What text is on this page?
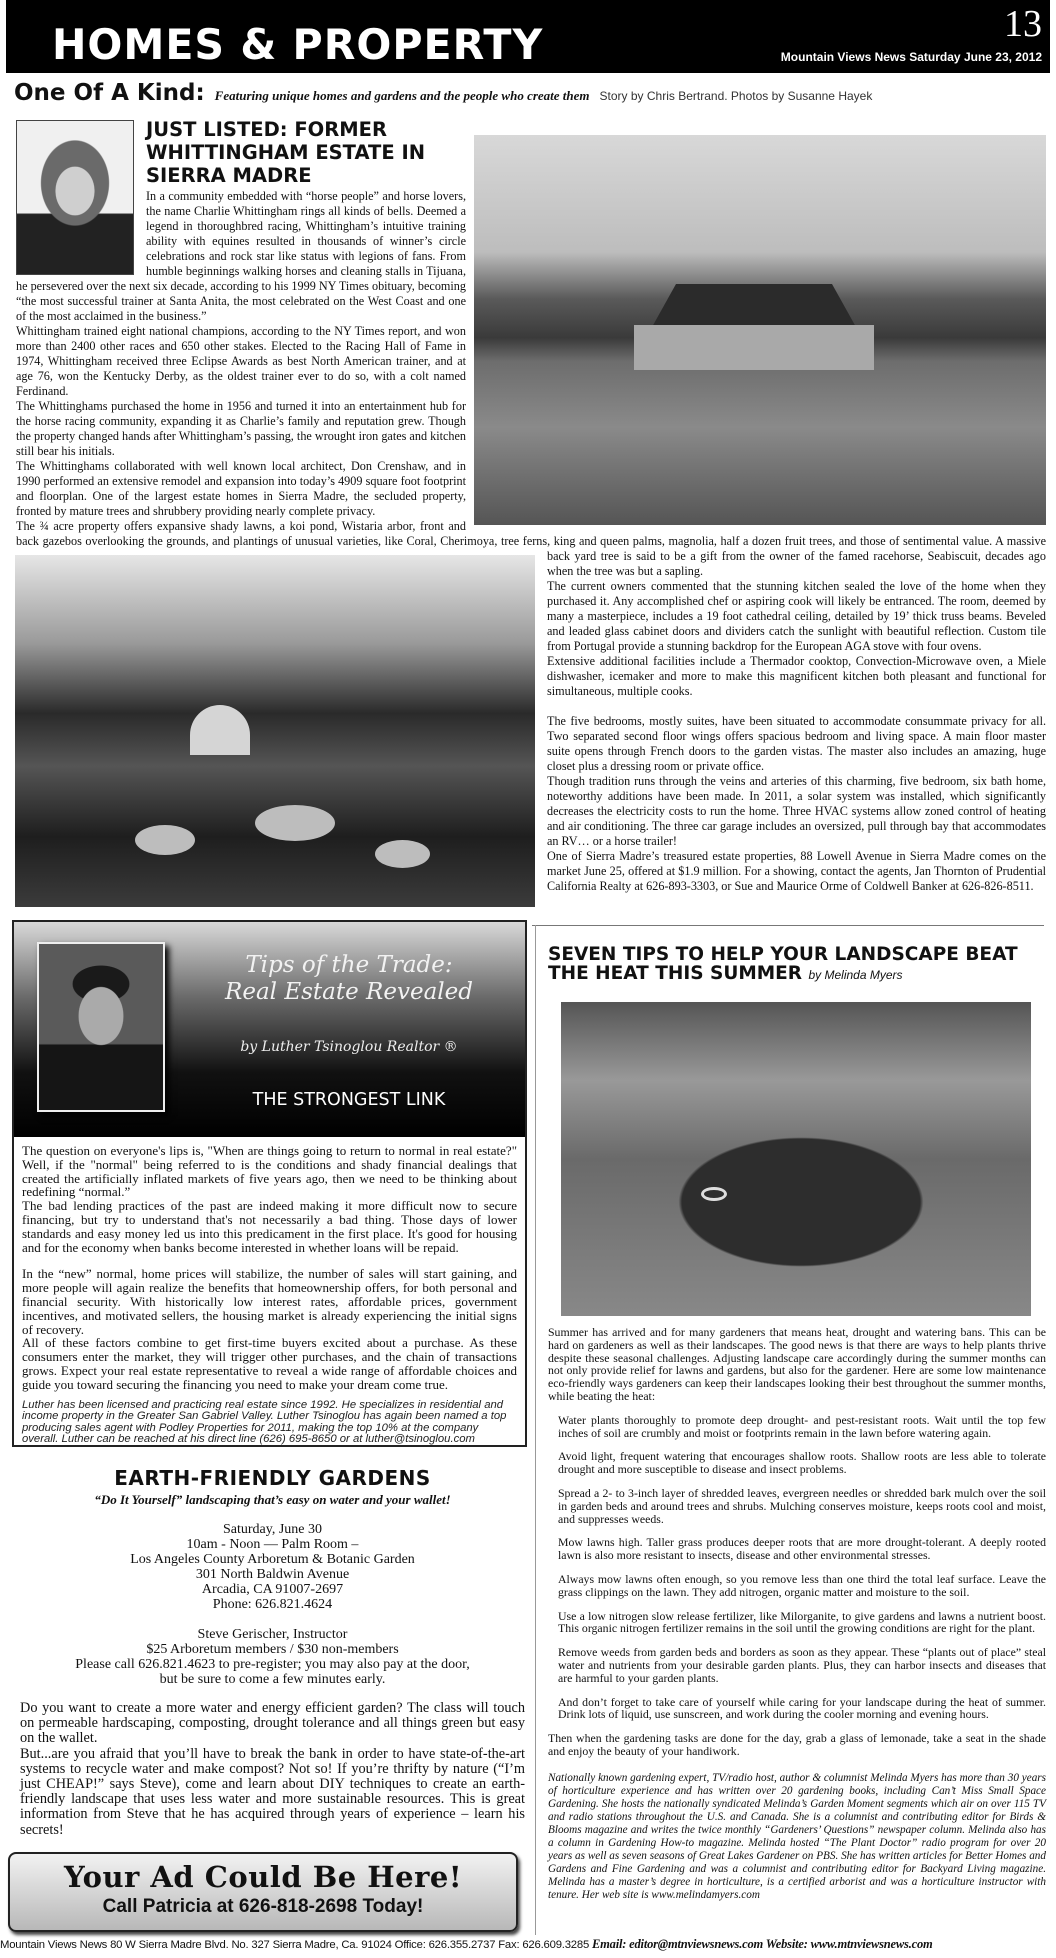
HOMES & PROPERTY	13
Mountain Views News Saturday June 23, 2012
One Of A Kind: Featuring unique homes and gardens and the people who create them Story by Chris Bertrand. Photos by Susanne Hayek
JUST LISTED: FORMER WHITTINGHAM ESTATE IN SIERRA MADRE

In a community embedded with “horse people” and horse lovers, the name Charlie Whittingham rings all kinds of bells. Deemed a legend in thoroughbred racing, Whittingham’s intuitive training ability with equines resulted in thousands of winner’s circle celebrations and rock star like status with legions of fans. From humble beginnings walking horses and cleaning stalls in Tijuana, he persevered over the next six decade, according to his 1999 NY Times obituary, becoming “the most successful trainer at Santa Anita, the most celebrated on the West Coast and one of the most acclaimed in the business.”

Whittingham trained eight national champions, according to the NY Times report, and won more than 2400 other races and 650 other stakes. Elected to the Racing Hall of Fame in 1974, Whittingham received three Eclipse Awards as best North American trainer, and at age 76, won the Kentucky Derby, as the oldest trainer ever to do so, with a colt named Ferdinand.

The Whittinghams purchased the home in 1956 and turned it into an entertainment hub for the horse racing community, expanding it as Charlie’s family and reputation grew. Though the property changed hands after Whittingham’s passing, the wrought iron gates and kitchen still bear his initials.

The Whittinghams collaborated with well known local architect, Don Crenshaw, and in 1990 performed an extensive remodel and expansion into today’s 4909 square foot footprint and floorplan. One of the largest estate homes in Sierra Madre, the secluded property, fronted by mature trees and shrubbery providing nearly complete privacy.

The ¾ acre property offers expansive shady lawns, a koi pond, Wistaria arbor, front and back gazebos overlooking the grounds, and plantings of unusual varieties, like Coral, Cherimoya, tree ferns, king and queen palms, magnolia, half a dozen fruit trees, and those of sentimental value. A massive back yard tree is said to be a gift from the owner of the famed racehorse, Seabiscuit, decades ago when the tree was but a sapling.

The current owners commented that the stunning kitchen sealed the love of the home when they purchased it. Any accomplished chef or aspiring cook will likely be entranced. The room, deemed by many a masterpiece, includes a 19 foot cathedral ceiling, detailed by 19’ thick truss beams. Beveled and leaded glass cabinet doors and dividers catch the sunlight with beautiful reflection. Custom tile from Portugal provide a stunning backdrop for the European AGA stove with four ovens.

Extensive additional facilities include a Thermador cooktop, Convection-Microwave oven, a Miele dishwasher, icemaker and more to make this magnificent kitchen both pleasant and functional for simultaneous, multiple cooks.

The five bedrooms, mostly suites, have been situated to accommodate consummate privacy for all. Two separated second floor wings offers spacious bedroom and living space. A main floor master suite opens through French doors to the garden vistas. The master also includes an amazing, huge closet plus a dressing room or private office.

Though tradition runs through the veins and arteries of this charming, five bedroom, six bath home, noteworthy additions have been made. In 2011, a solar system was installed, which significantly decreases the electricity costs to run the home. Three HVAC systems allow zoned control of heating and air conditioning. The three car garage includes an oversized, pull through bay that accommodates an RV… or a horse trailer!

One of Sierra Madre’s treasured estate properties, 88 Lowell Avenue in Sierra Madre comes on the market June 25, offered at $1.9 million. For a showing, contact the agents, Jan Thornton of Prudential California Realty at 626-893-3303, or Sue and Maurice Orme of Coldwell Banker at 626-826-8511.

Tips of the Trade:
Real Estate Revealed
by Luther Tsinoglou Realtor ®
THE STRONGEST LINK

The question on everyone's lips is, "When are things going to return to normal in real estate?" Well, if the "normal" being referred to is the conditions and shady financial dealings that created the artificially inflated markets of five years ago, then we need to be thinking about redefining “normal.”

The bad lending practices of the past are indeed making it more difficult now to secure financing, but try to understand that's not necessarily a bad thing. Those days of lower standards and easy money led us into this predicament in the first place. It's good for housing and for the economy when banks become interested in whether loans will be repaid.

In the “new” normal, home prices will stabilize, the number of sales will start gaining, and more people will again realize the benefits that homeownership offers, for both personal and financial security. With historically low interest rates, affordable prices, government incentives, and motivated sellers, the housing market is already experiencing the initial signs of recovery.

All of these factors combine to get first-time buyers excited about a purchase. As these consumers enter the market, they will trigger other purchases, and the chain of transactions grows. Expect your real estate representative to reveal a wide range of affordable choices and guide you toward securing the financing you need to make your dream come true.

Luther has been licensed and practicing real estate since 1992. He specializes in residential and income property in the Greater San Gabriel Valley. Luther Tsinoglou has again been named a top producing sales agent with Podley Properties for 2011, making the top 10% at the company overall. Luther can be reached at his direct line (626) 695-8650 or at luther@tsinoglou.com

EARTH-FRIENDLY GARDENS
“Do It Yourself” landscaping that’s easy on water and your wallet!
Saturday, June 30
10am - Noon — Palm Room –
Los Angeles County Arboretum & Botanic Garden
301 North Baldwin Avenue
Arcadia, CA 91007-2697
Phone: 626.821.4624
Steve Gerischer, Instructor
$25 Arboretum members / $30 non-members
Please call 626.821.4623 to pre-register; you may also pay at the door,
but be sure to come a few minutes early.

Do you want to create a more water and energy efficient garden? The class will touch on permeable hardscaping, composting, drought tolerance and all things green but easy on the wallet.

But...are you afraid that you’ll have to break the bank in order to have state-of-the-art systems to recycle water and make compost? Not so! If you’re thrifty by nature (“I’m just CHEAP!” says Steve), come and learn about DIY techniques to create an earth-friendly landscape that uses less water and more sustainable resources. This is great information from Steve that he has acquired through years of experience – learn his secrets!

Your Ad Could Be Here!
Call Patricia at 626-818-2698 Today!
SEVEN TIPS TO HELP YOUR LANDSCAPE BEAT THE HEAT THIS SUMMER by Melinda Myers

Summer has arrived and for many gardeners that means heat, drought and watering bans. This can be hard on gardeners as well as their landscapes. The good news is that there are ways to help plants thrive despite these seasonal challenges. Adjusting landscape care accordingly during the summer months can not only provide relief for lawns and gardens, but also for the gardener. Here are some low maintenance eco-friendly ways gardeners can keep their landscapes looking their best throughout the summer months, while beating the heat:

Water plants thoroughly to promote deep drought- and pest-resistant roots. Wait until the top few inches of soil are crumbly and moist or footprints remain in the lawn before watering again.

Avoid light, frequent watering that encourages shallow roots. Shallow roots are less able to tolerate drought and more susceptible to disease and insect problems.

Spread a 2- to 3-inch layer of shredded leaves, evergreen needles or shredded bark mulch over the soil in garden beds and around trees and shrubs. Mulching conserves moisture, keeps roots cool and moist, and suppresses weeds.

Mow lawns high. Taller grass produces deeper roots that are more drought-tolerant. A deeply rooted lawn is also more resistant to insects, disease and other environmental stresses.

Always mow lawns often enough, so you remove less than one third the total leaf surface. Leave the grass clippings on the lawn. They add nitrogen, organic matter and moisture to the soil.

Use a low nitrogen slow release fertilizer, like Milorganite, to give gardens and lawns a nutrient boost. This organic nitrogen fertilizer remains in the soil until the growing conditions are right for the plant.

Remove weeds from garden beds and borders as soon as they appear. These “plants out of place” steal water and nutrients from your desirable garden plants. Plus, they can harbor insects and diseases that are harmful to your garden plants.

And don’t forget to take care of yourself while caring for your landscape during the heat of summer. Drink lots of liquid, use sunscreen, and work during the cooler morning and evening hours.

Then when the gardening tasks are done for the day, grab a glass of lemonade, take a seat in the shade and enjoy the beauty of your handiwork.

Nationally known gardening expert, TV/radio host, author & columnist Melinda Myers has more than 30 years of horticulture experience and has written over 20 gardening books, including Can’t Miss Small Space Gardening. She hosts the nationally syndicated Melinda’s Garden Moment segments which air on over 115 TV and radio stations throughout the U.S. and Canada. She is a columnist and contributing editor for Birds & Blooms magazine and writes the twice monthly “Gardeners’ Questions” newspaper column. Melinda also has a column in Gardening How-to magazine. Melinda hosted “The Plant Doctor” radio program for over 20 years as well as seven seasons of Great Lakes Gardener on PBS. She has written articles for Better Homes and Gardens and Fine Gardening and was a columnist and contributing editor for Backyard Living magazine. Melinda has a master’s degree in horticulture, is a certified arborist and was a horticulture instructor with tenure. Her web site is www.melindamyers.com

Mountain Views News 80 W Sierra Madre Blvd. No. 327 Sierra Madre, Ca. 91024 Office: 626.355.2737 Fax: 626.609.3285 Email: editor@mtnviewsnews.com Website: www.mtnviewsnews.com
